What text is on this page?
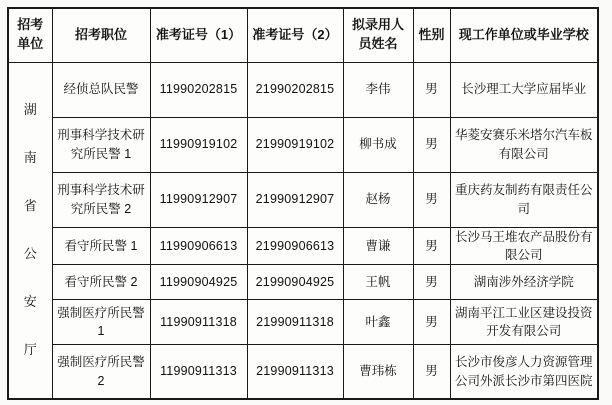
招考单位	招考职位	准考证号（1）	准考证号（2）	拟录用人员姓名	性别	现工作单位或毕业学校

湖南省公安厅	经侦总队民警	11990202815	21990202815	李伟	男	长沙理工大学应届毕业
	刑事科学技术研究所民警 1	11990919102	21990919102	柳书成	男	华菱安赛乐米塔尔汽车板有限公司
	刑事科学技术研究所民警 2	11990912907	21990912907	赵杨	男	重庆药友制药有限责任公司
	看守所民警 1	11990906613	21990906613	曹谦	男	长沙马王堆农产品股份有限公司
	看守所民警 2	11990904925	21990904925	王帆	男	湖南涉外经济学院
	强制医疗所民警 1	11990911318	21990911318	叶鑫	男	湖南平江工业区建设投资开发有限公司
	强制医疗所民警 2	11990911313	21990911313	曹玮栋	男	长沙市俊彦人力资源管理公司外派长沙市第四医院
